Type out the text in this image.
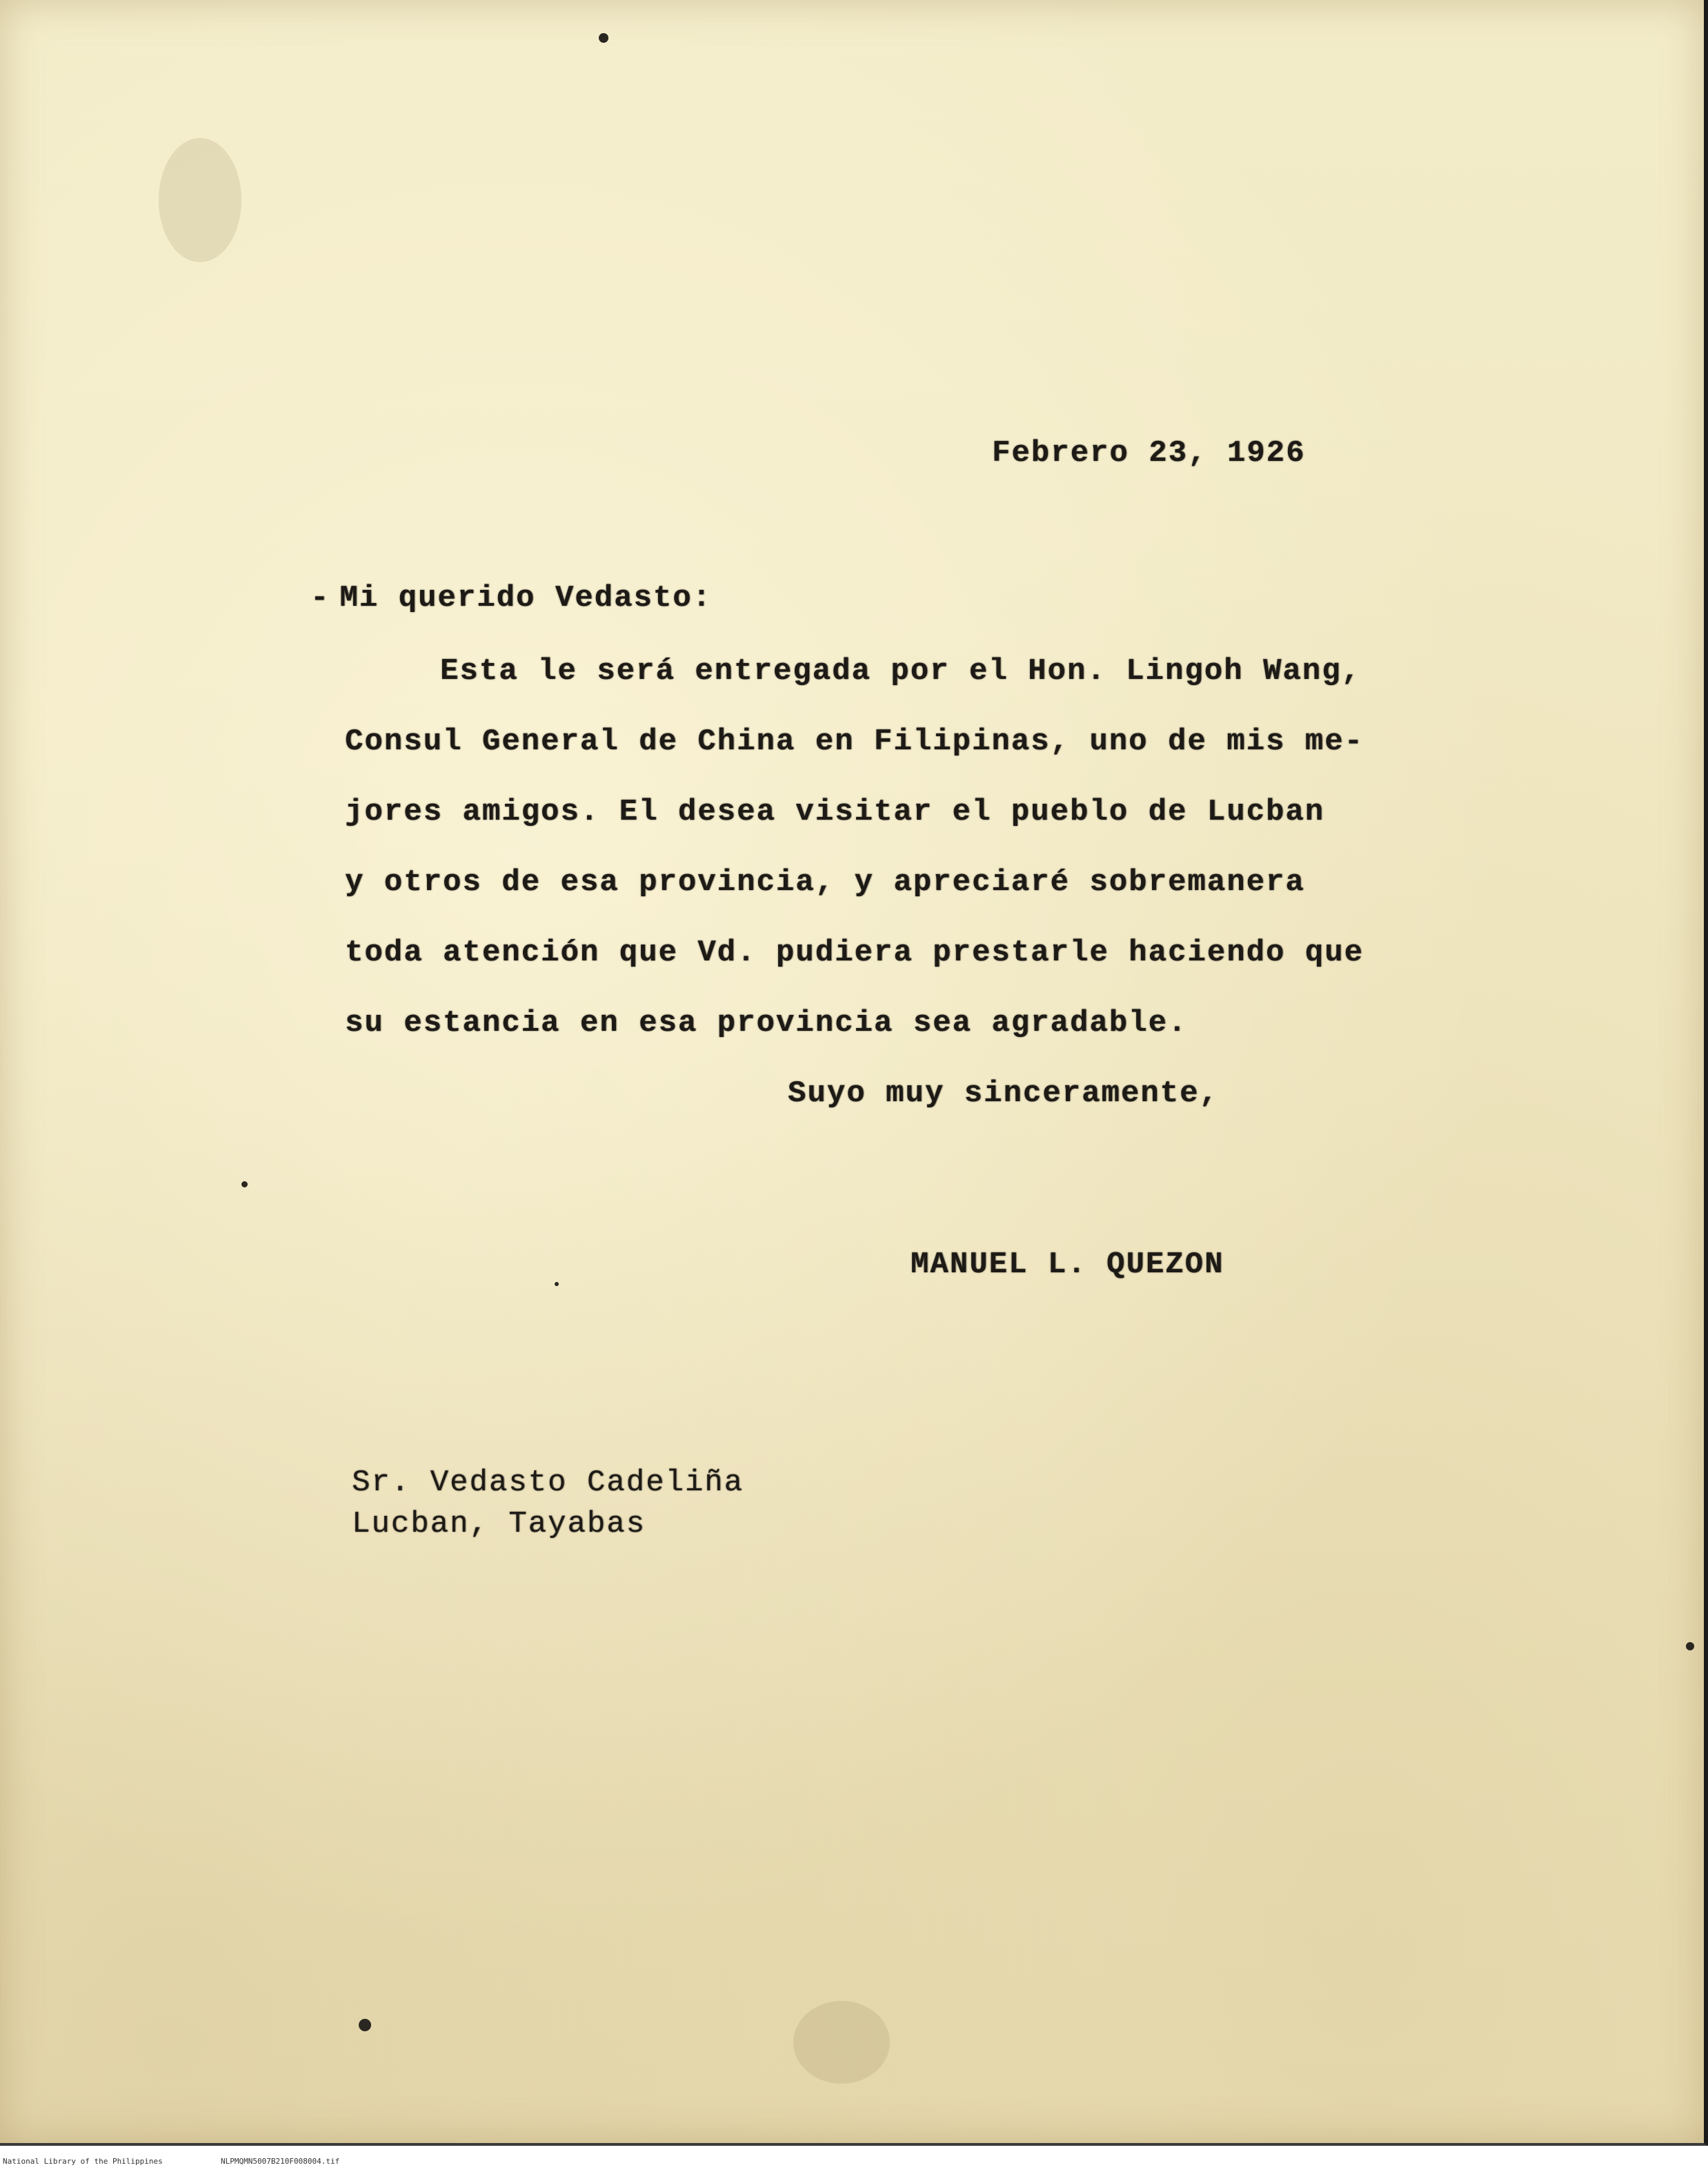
Febrero 23, 1926
- Mi querido Vedasto:
Esta le será entregada por el Hon. Lingoh Wang,
Consul General de China en Filipinas, uno de mis me-
jores amigos. El desea visitar el pueblo de Lucban
y otros de esa provincia, y apreciaré sobremanera
toda atención que Vd. pudiera prestarle haciendo que
su estancia en esa provincia sea agradable.
Suyo muy sinceramente,
MANUEL L. QUEZON
Sr. Vedasto Cadeliña
Lucban, Tayabas
National Library of the Philippines	NLPMQMN5007B210F008004.tif
